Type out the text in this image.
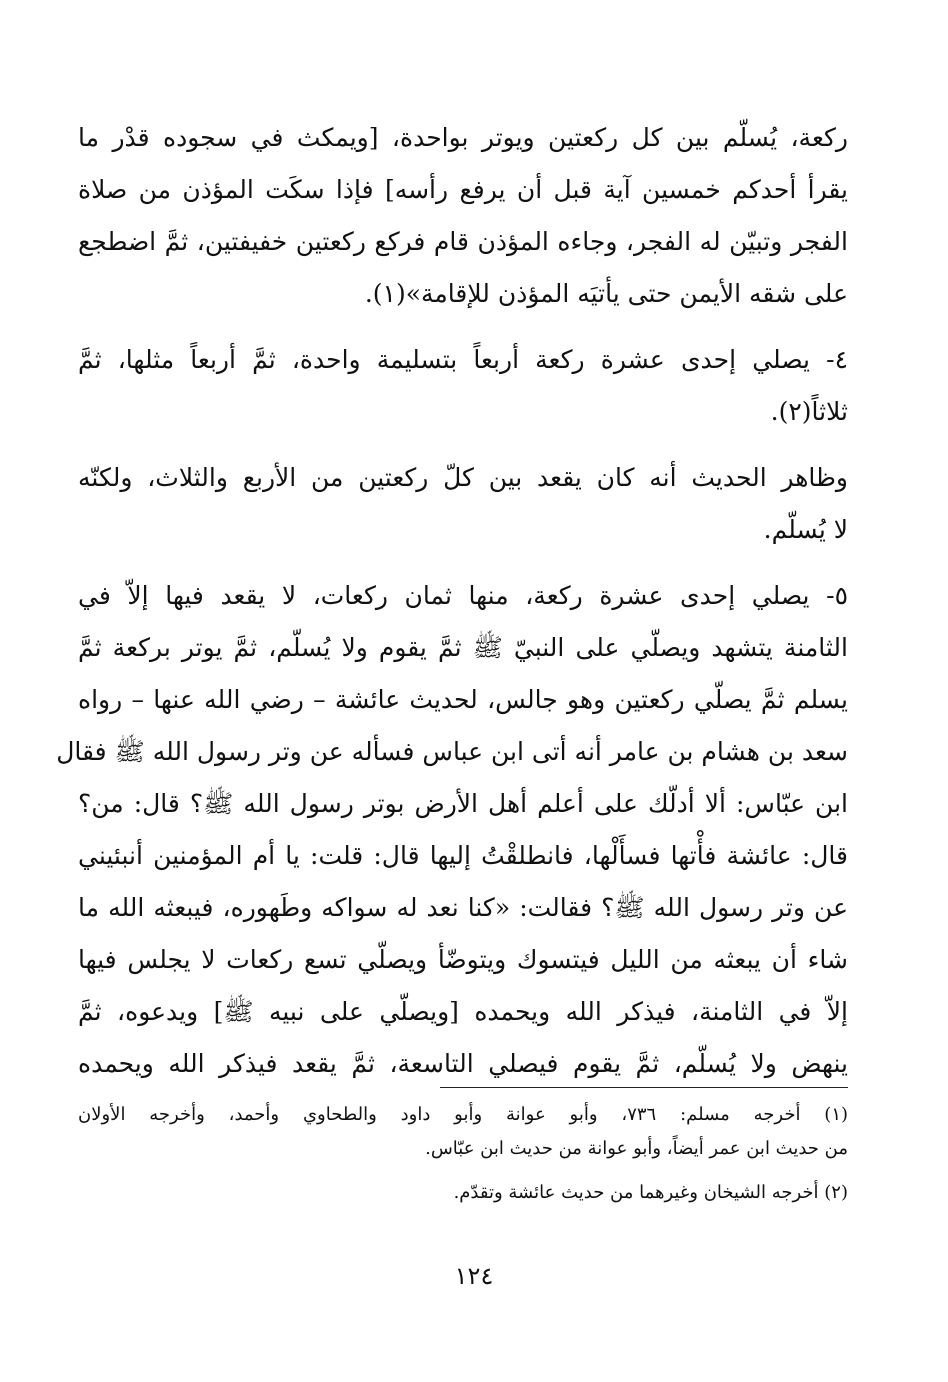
ركعة، يُسلّم بين كل ركعتين ويوتر بواحدة، [ويمكث في سجوده قدْر ما
يقرأ أحدكم خمسين آية قبل أن يرفع رأسه] فإذا سكَت المؤذن من صلاة
الفجر وتبيّن له الفجر، وجاءه المؤذن قام فركع ركعتين خفيفتين، ثمَّ اضطجع
على شقه الأيمن حتى يأتيَه المؤذن للإقامة»(١).

٤- يصلي إحدى عشرة ركعة أربعاً بتسليمة واحدة، ثمَّ أربعاً مثلها، ثمَّ
ثلاثاً(٢).

وظاهر الحديث أنه كان يقعد بين كلّ ركعتين من الأربع والثلاث، ولكنّه
لا يُسلّم.

٥- يصلي إحدى عشرة ركعة، منها ثمان ركعات، لا يقعد فيها إلاّ في
الثامنة يتشهد ويصلّي على النبيّ ﷺ ثمَّ يقوم ولا يُسلّم، ثمَّ يوتر بركعة ثمَّ
يسلم ثمَّ يصلّي ركعتين وهو جالس، لحديث عائشة – رضي الله عنها – رواه
سعد بن هشام بن عامر أنه أتى ابن عباس فسأله عن وتر رسول الله ﷺ فقال
ابن عبّاس: ألا أدلّك على أعلم أهل الأرض بوتر رسول الله ﷺ؟ قال: من؟
قال: عائشة فأْتها فسأَلْها، فانطلقْتُ إليها قال: قلت: يا أم المؤمنين أنبئيني
عن وتر رسول الله ﷺ؟ فقالت: «كنا نعد له سواكه وطَهوره، فيبعثه الله ما
شاء أن يبعثه من الليل فيتسوك ويتوضّأ ويصلّي تسع ركعات لا يجلس فيها
إلاّ في الثامنة، فيذكر الله ويحمده [ويصلّي على نبيه ﷺ] ويدعوه، ثمَّ
ينهض ولا يُسلّم، ثمَّ يقوم فيصلي التاسعة، ثمَّ يقعد فيذكر الله ويحمده

(١) أخرجه مسلم: ٧٣٦، وأبو عوانة وأبو داود والطحاوي وأحمد، وأخرجه الأولان
من حديث ابن عمر أيضاً، وأبو عوانة من حديث ابن عبّاس.

(٢) أخرجه الشيخان وغيرهما من حديث عائشة وتقدّم.

١٢٤
